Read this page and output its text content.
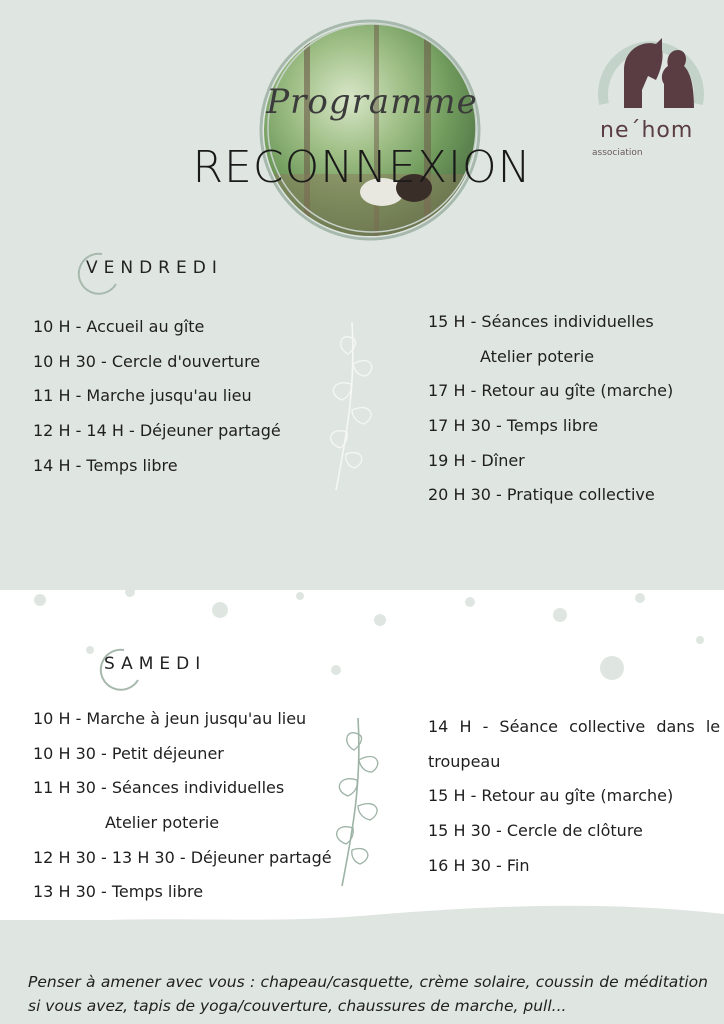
Programme
RECONNEXION
ne´hom
association
VENDREDI
10 H - Accueil au gîte
10 H 30 - Cercle d'ouverture
11 H - Marche jusqu'au lieu
12 H - 14 H - Déjeuner partagé
14 H - Temps libre
15 H - Séances individuelles
Atelier poterie
17 H - Retour au gîte (marche)
17 H 30 - Temps libre
19 H - Dîner
20 H 30 - Pratique collective
SAMEDI
10 H - Marche à jeun jusqu'au lieu
10 H 30 - Petit déjeuner
11 H 30 - Séances individuelles
Atelier poterie
12 H 30 - 13 H 30 - Déjeuner partagé
13 H 30 - Temps libre
14 H - Séance collective dans le
troupeau
15 H - Retour au gîte (marche)
15 H 30 - Cercle de clôture
16 H 30 - Fin
Penser à amener avec vous : chapeau/casquette, crème solaire, coussin de méditation si vous avez, tapis de yoga/couverture, chaussures de marche, pull...
